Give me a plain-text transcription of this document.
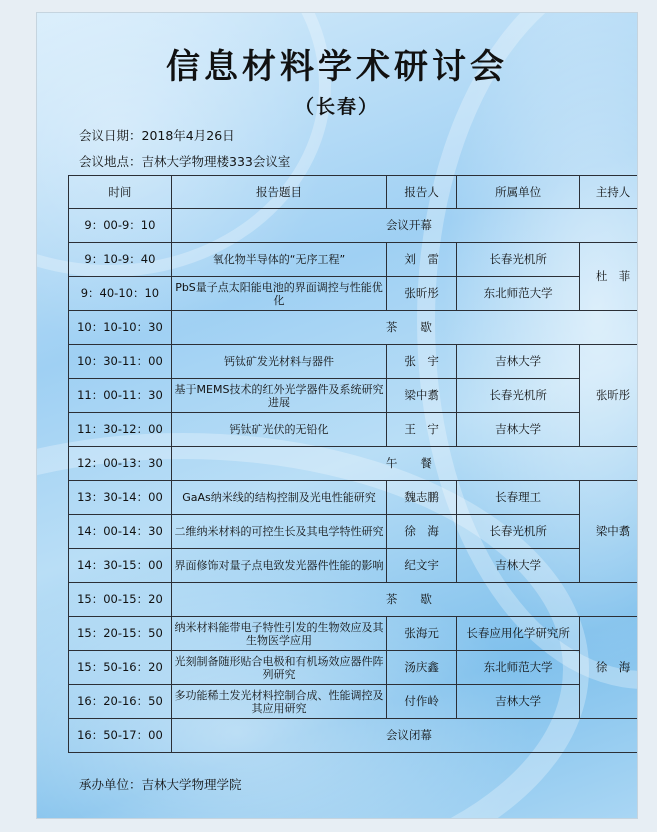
信息材料学术研讨会
（长春）
会议日期：2018年4月26日
会议地点：吉林大学物理楼333会议室
时间	报告题目	报告人	所属单位	主持人
9：00-9：10	会议开幕			
9：10-9：40	氧化物半导体的“无序工程”	刘　雷	长春光机所	杜　菲
9：40-10：10	PbS量子点太阳能电池的界面调控与性能优化	张昕彤	东北师范大学	
10：10-10：30	茶　　歇			
10：30-11：00	钙钛矿发光材料与器件	张　宇	吉林大学	张昕彤
11：00-11：30	基于MEMS技术的红外光学器件及系统研究进展	梁中翥	长春光机所	
11：30-12：00	钙钛矿光伏的无铅化	王　宁	吉林大学	
12：00-13：30	午　　餐			
13：30-14：00	GaAs纳米线的结构控制及光电性能研究	魏志鹏	长春理工	梁中翥
14：00-14：30	二维纳米材料的可控生长及其电学特性研究	徐　海	长春光机所	
14：30-15：00	界面修饰对量子点电致发光器件性能的影响	纪文宇	吉林大学	
15：00-15：20	茶　　歇			
15：20-15：50	纳米材料能带电子特性引发的生物效应及其生物医学应用	张海元	长春应用化学研究所	徐　海
15：50-16：20	光刻制备随形贴合电极和有机场效应器件阵列研究	汤庆鑫	东北师范大学	
16：20-16：50	多功能稀土发光材料控制合成、性能调控及其应用研究	付作岭	吉林大学	
16：50-17：00	会议闭幕			
承办单位：吉林大学物理学院
